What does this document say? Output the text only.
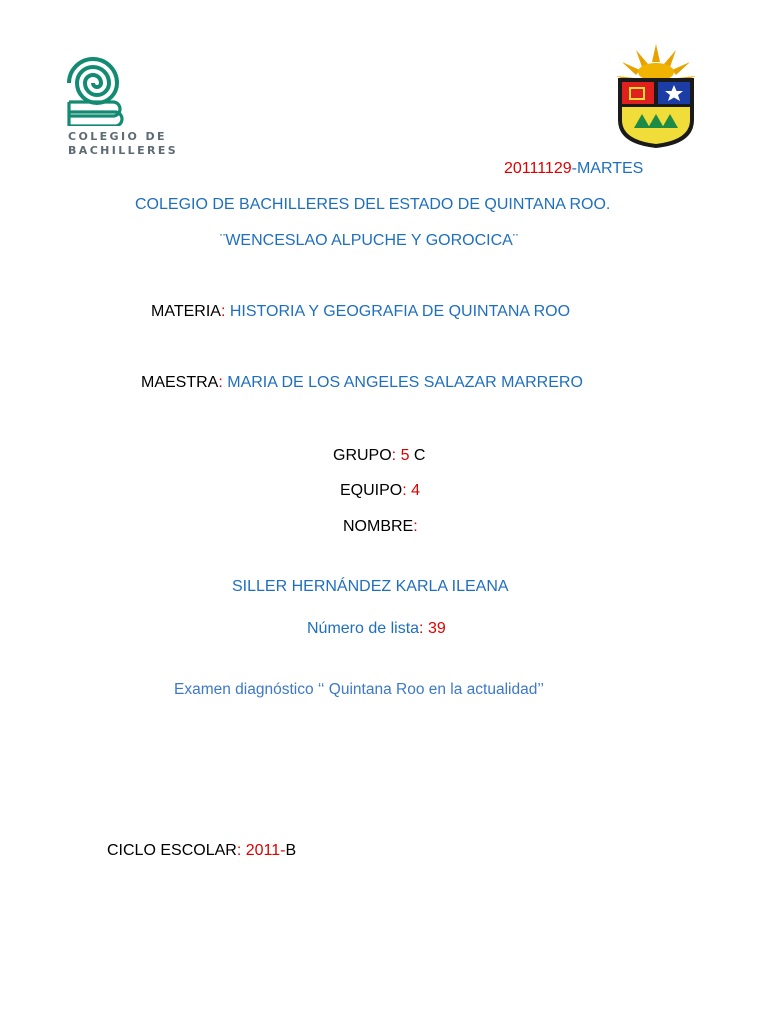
COLEGIO DE
BACHILLERES
20111129-MARTES
COLEGIO DE BACHILLERES DEL ESTADO DE QUINTANA ROO.
¨WENCESLAO ALPUCHE Y GOROCICA¨
MATERIA: HISTORIA Y GEOGRAFIA DE QUINTANA ROO
MAESTRA: MARIA DE LOS ANGELES SALAZAR MARRERO
GRUPO: 5 C
EQUIPO: 4
NOMBRE:
SILLER HERNÁNDEZ KARLA ILEANA
Número de lista: 39
Examen diagnóstico ‘‘ Quintana Roo en la actualidad’’
CICLO ESCOLAR: 2011-B
